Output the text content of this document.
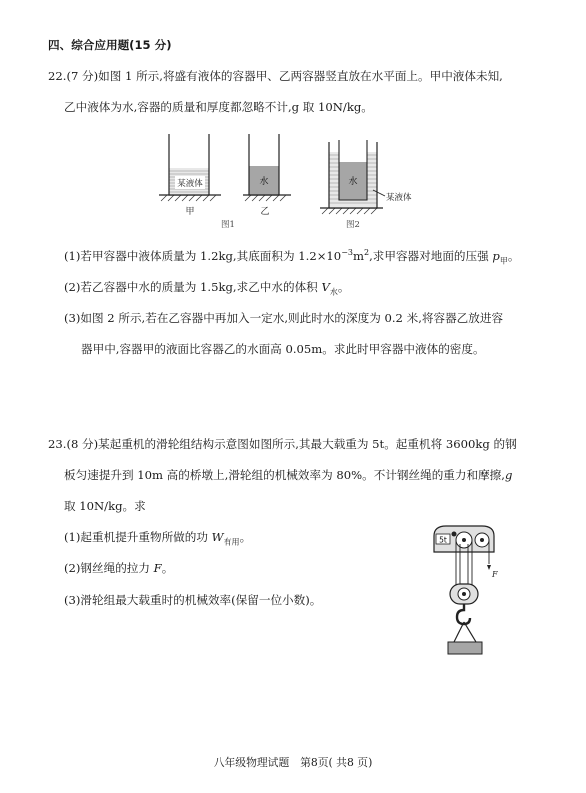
四、综合应用题(15 分)
22.(7 分)如图 1 所示,将盛有液体的容器甲、乙两容器竖直放在水平面上。甲中液体未知,
乙中液体为水,容器的质量和厚度都忽略不计,g 取 10N/kg。
某液体
甲
水
乙
图1
水
某液体
图2
(1)若甲容器中液体质量为 1.2kg,其底面积为 $1.2\times 10^{-3}m^2$,求甲容器对地面的压强 $p_甲$。
(2)若乙容器中水的质量为 1.5kg,求乙中水的体积 $V_水$。
(3)如图 2 所示,若在乙容器中再加入一定水,则此时水的深度为 0.2 米,将容器乙放进容
器甲中,容器甲的液面比容器乙的水面高 0.05m。求此时甲容器中液体的密度。
23.(8 分)某起重机的滑轮组结构示意图如图所示,其最大载重为 5t。起重机将 3600kg 的钢
板匀速提升到 10m 高的桥墩上,滑轮组的机械效率为 80%。不计钢丝绳的重力和摩擦,g
取 10N/kg。求
(1)起重机提升重物所做的功 $W_{有用}$。
(2)钢丝绳的拉力 F。
(3)滑轮组最大载重时的机械效率(保留一位小数)。
5t
F
八年级物理试题　第8页( 共8 页)
